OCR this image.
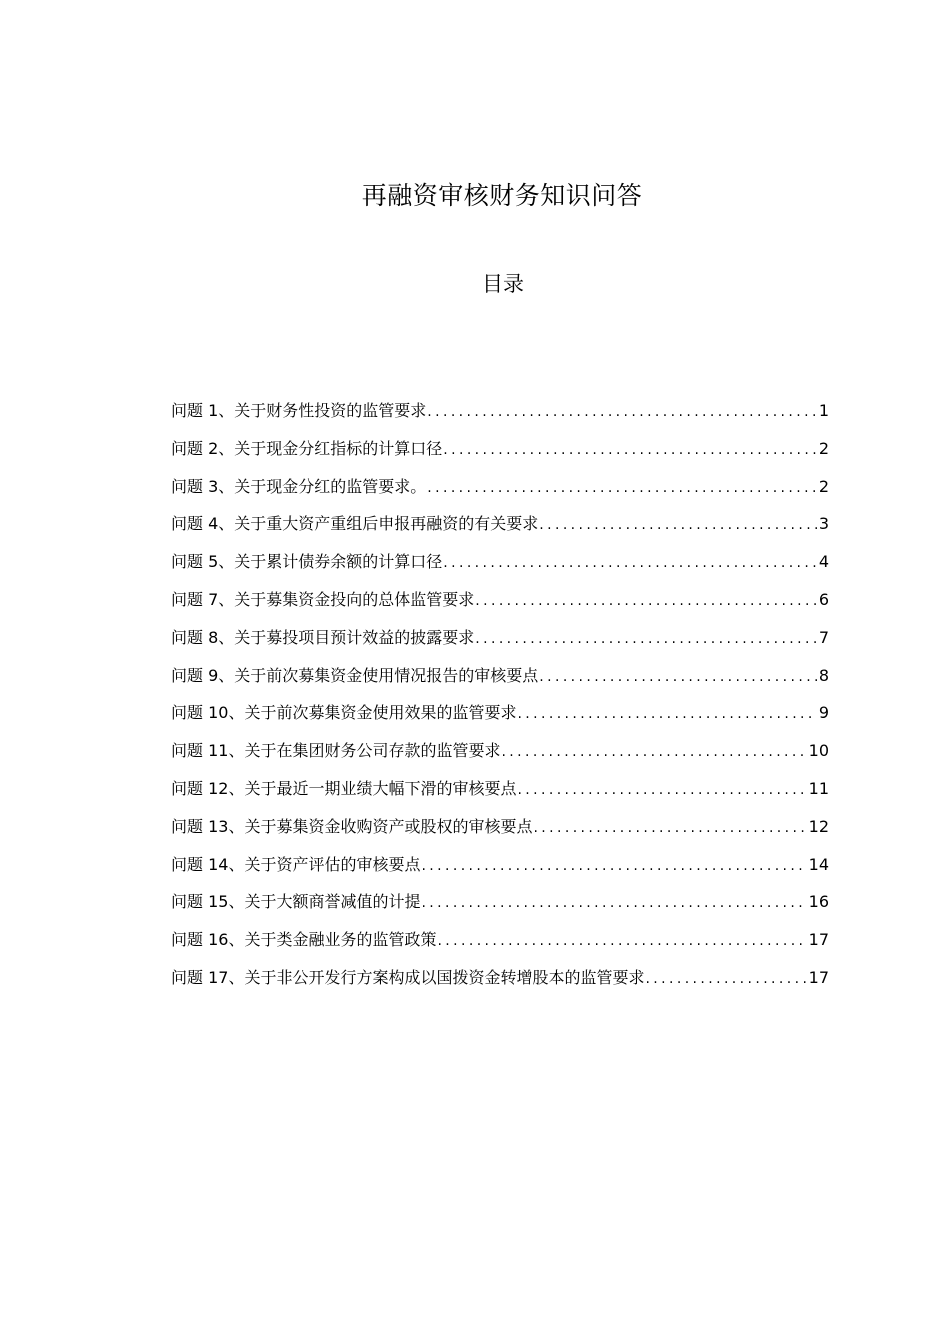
再融资审核财务知识问答
目录
问题 1、关于财务性投资的监管要求 .....	1
问题 2、关于现金分红指标的计算口径 .....	2
问题 3、关于现金分红的监管要求。 .....	2
问题 4、关于重大资产重组后申报再融资的有关要求 .....	3
问题 5、关于累计债券余额的计算口径 .....	4
问题 7、关于募集资金投向的总体监管要求 .....	6
问题 8、关于募投项目预计效益的披露要求 .....	7
问题 9、关于前次募集资金使用情况报告的审核要点 .....	8
问题 10、关于前次募集资金使用效果的监管要求 .....	9
问题 11、关于在集团财务公司存款的监管要求 .....	10
问题 12、关于最近一期业绩大幅下滑的审核要点 .....	11
问题 13、关于募集资金收购资产或股权的审核要点 .....	12
问题 14、关于资产评估的审核要点 .....	14
问题 15、关于大额商誉减值的计提 .....	16
问题 16、关于类金融业务的监管政策 .....	17
问题 17、关于非公开发行方案构成以国拨资金转增股本的监管要求 .....	17
